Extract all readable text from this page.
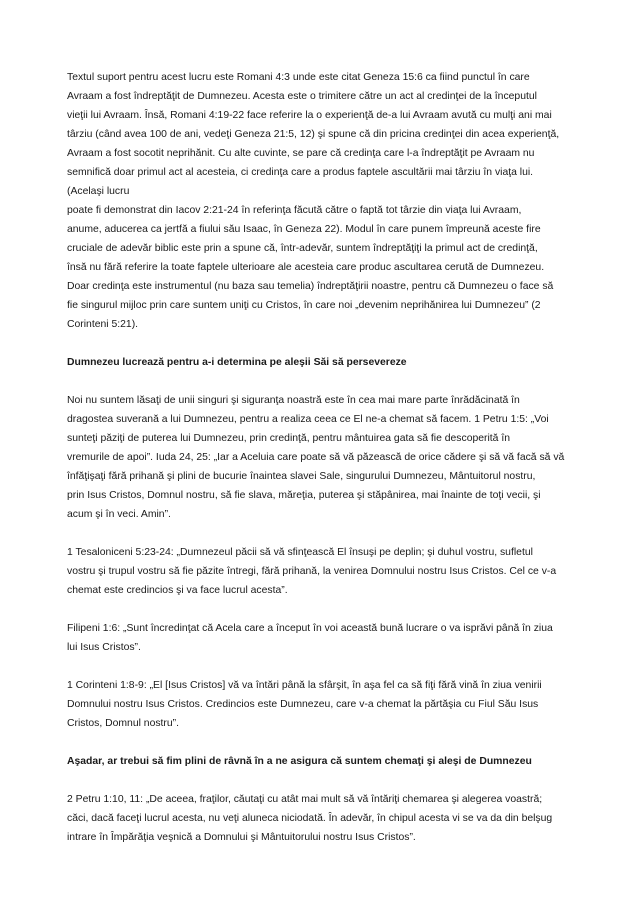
Textul suport pentru acest lucru este Romani 4:3 unde este citat Geneza 15:6 ca fiind punctul în care
Avraam a fost îndreptăţit de Dumnezeu. Acesta este o trimitere către un act al credinţei de la începutul
vieţii lui Avraam. Însă, Romani 4:19-22 face referire la o experienţă de-a lui Avraam avută cu mulţi ani mai
târziu (când avea 100 de ani, vedeţi Geneza 21:5, 12) şi spune că din pricina credinţei din acea experienţă,
Avraam a fost socotit neprihănit. Cu alte cuvinte, se pare că credinţa care l-a îndreptăţit pe Avraam nu
semnifică doar primul act al acesteia, ci credinţa care a produs faptele ascultării mai târziu în viaţa lui.
(Acelaşi lucru

poate fi demonstrat din Iacov 2:21-24 în referinţa făcută către o faptă tot târzie din viaţa lui Avraam,
anume, aducerea ca jertfă a fiului său Isaac, în Geneza 22). Modul în care punem împreună aceste fire
cruciale de adevăr biblic este prin a spune că, într-adevăr, suntem îndreptăţiţi la primul act de credinţă,
însă nu fără referire la toate faptele ulterioare ale acesteia care produc ascultarea cerută de Dumnezeu.
Doar credinţa este instrumentul (nu baza sau temelia) îndreptăţirii noastre, pentru că Dumnezeu o face să
fie singurul mijloc prin care suntem uniţi cu Cristos, în care noi „devenim neprihănirea lui Dumnezeu” (2
Corinteni 5:21).

Dumnezeu lucrează pentru a-i determina pe aleşii Săi să persevereze

Noi nu suntem lăsaţi de unii singuri şi siguranţa noastră este în cea mai mare parte înrădăcinată în
dragostea suverană a lui Dumnezeu, pentru a realiza ceea ce El ne-a chemat să facem. 1 Petru 1:5: „Voi
sunteţi păziţi de puterea lui Dumnezeu, prin credinţă, pentru mântuirea gata să fie descoperită în
vremurile de apoi”. Iuda 24, 25: „Iar a Aceluia care poate să vă păzească de orice cădere şi să vă facă să vă
înfăţişaţi fără prihană şi plini de bucurie înaintea slavei Sale, singurului Dumnezeu, Mântuitorul nostru,
prin Isus Cristos, Domnul nostru, să fie slava, măreţia, puterea şi stăpânirea, mai înainte de toţi vecii, şi
acum şi în veci. Amin”.

1 Tesaloniceni 5:23-24: „Dumnezeul păcii să vă sfinţească El însuşi pe deplin; şi duhul vostru, sufletul
vostru şi trupul vostru să fie păzite întregi, fără prihană, la venirea Domnului nostru Isus Cristos. Cel ce v-a
chemat este credincios şi va face lucrul acesta”.

Filipeni 1:6: „Sunt încredinţat că Acela care a început în voi această bună lucrare o va isprăvi până în ziua
lui Isus Cristos”.

1 Corinteni 1:8-9: „El [Isus Cristos] vă va întări până la sfârşit, în aşa fel ca să fiţi fără vină în ziua venirii
Domnului nostru Isus Cristos. Credincios este Dumnezeu, care v-a chemat la părtăşia cu Fiul Său Isus
Cristos, Domnul nostru”.

Aşadar, ar trebui să fim plini de râvnă în a ne asigura că suntem chemaţi şi aleşi de Dumnezeu

2 Petru 1:10, 11: „De aceea, fraţilor, căutaţi cu atât mai mult să vă întăriţi chemarea şi alegerea voastră;
căci, dacă faceţi lucrul acesta, nu veţi aluneca niciodată. În adevăr, în chipul acesta vi se va da din belşug
intrare în Împărăţia veşnică a Domnului şi Mântuitorului nostru Isus Cristos”.
